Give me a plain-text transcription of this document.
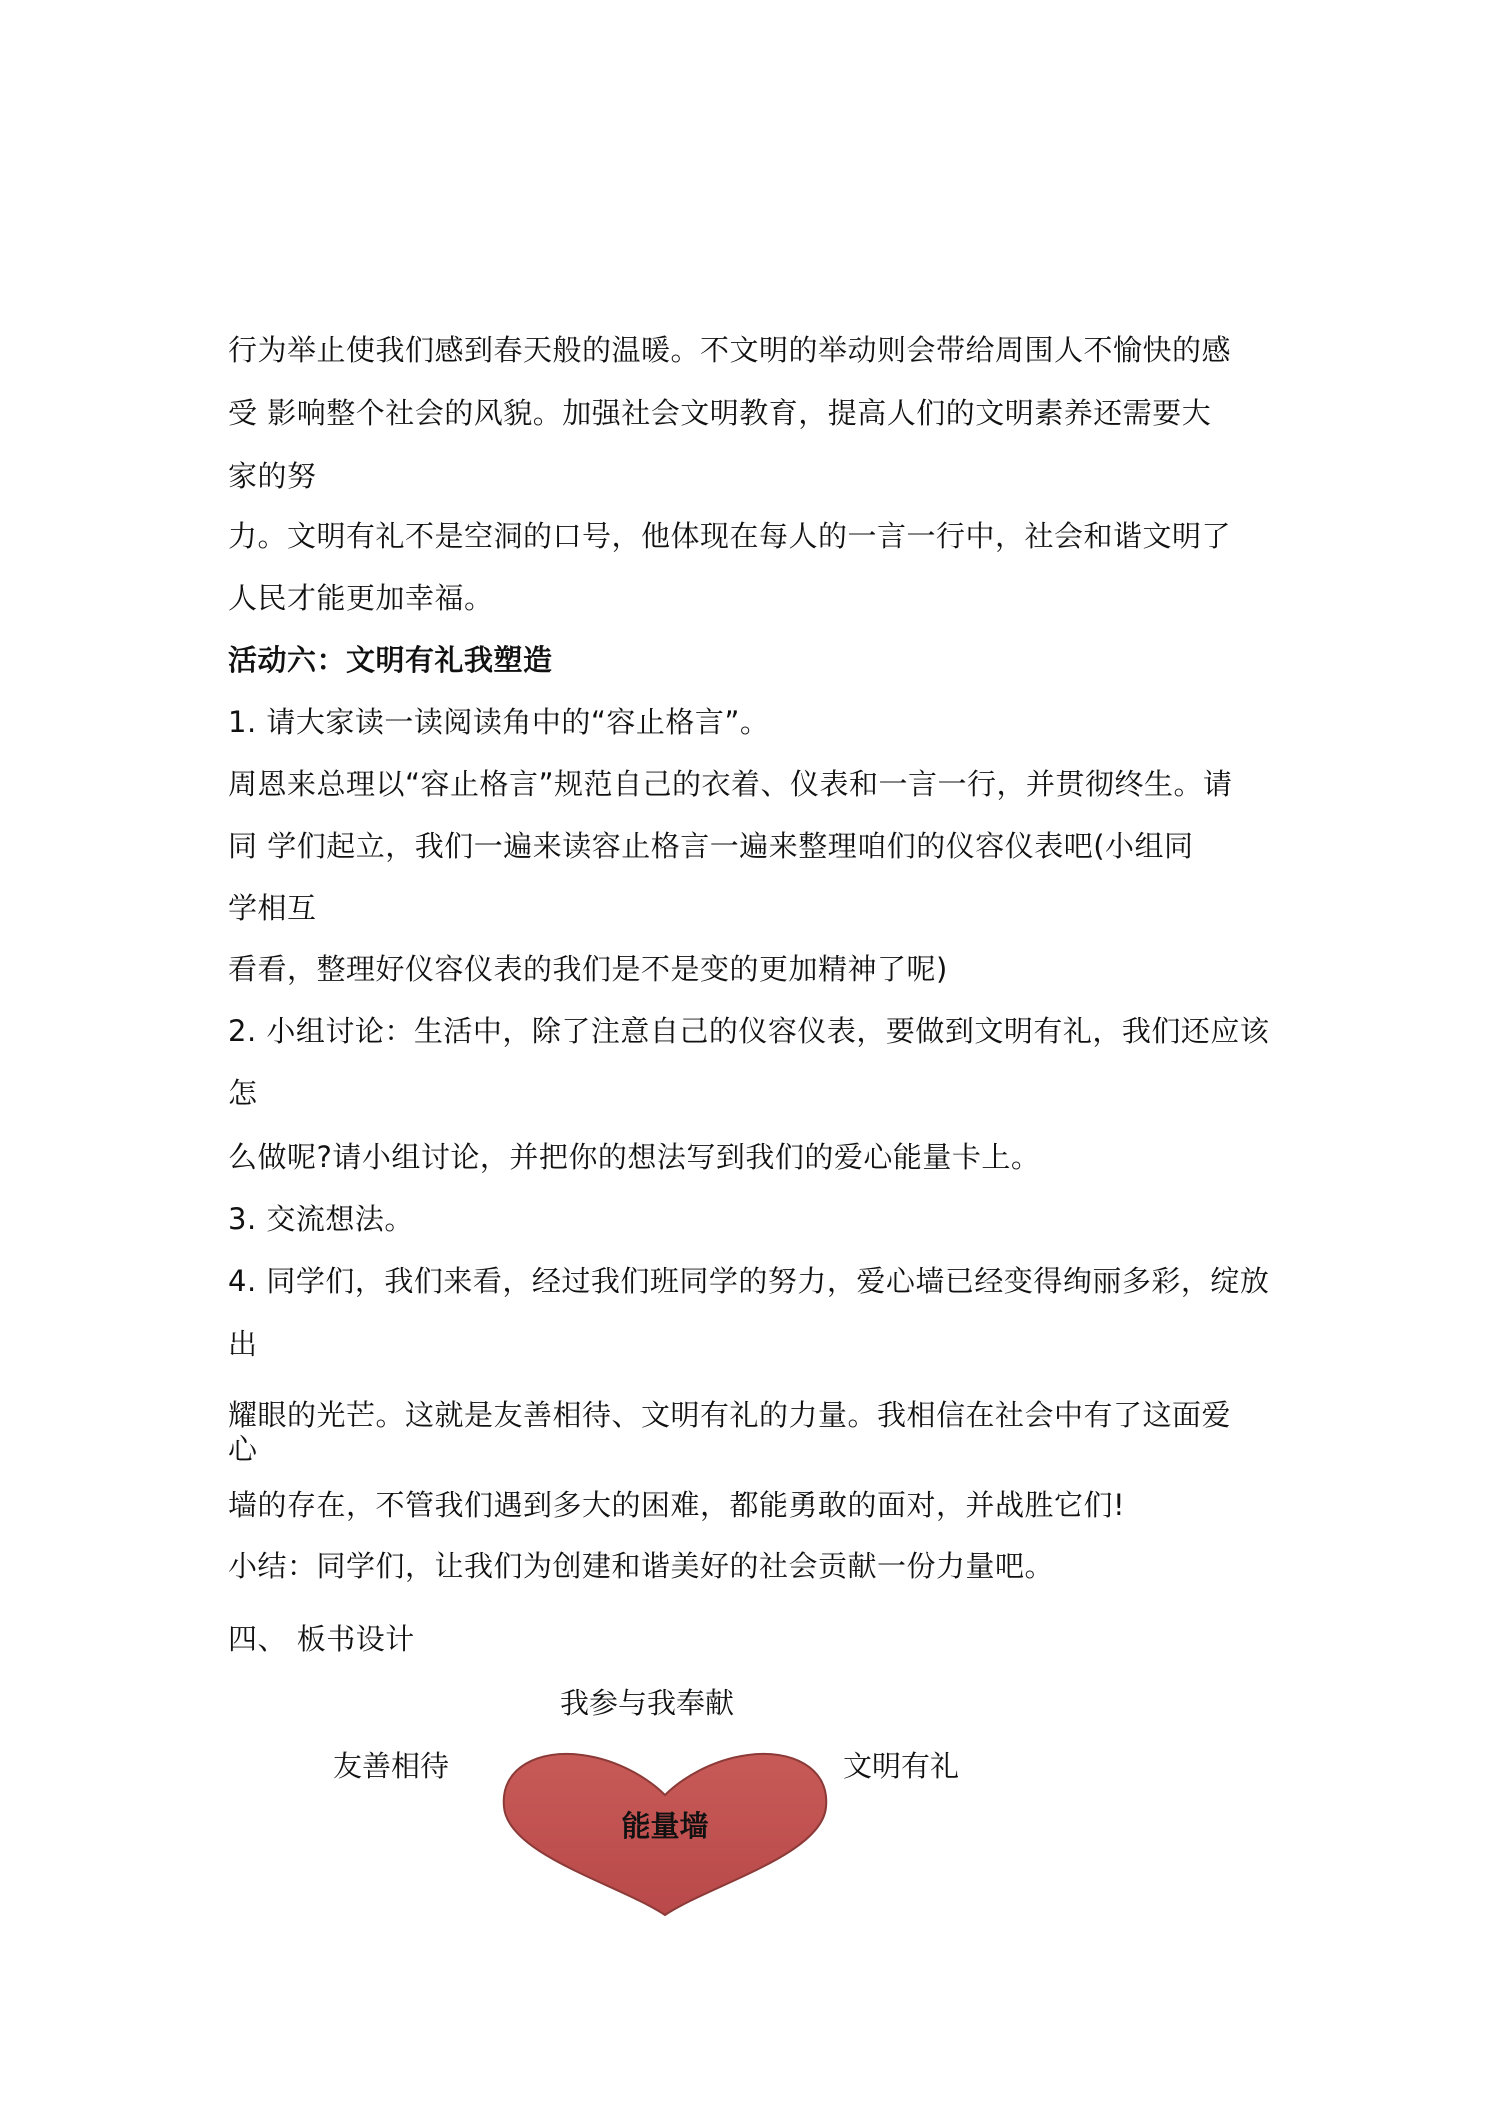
行为举止使我们感到春天般的温暖。不文明的举动则会带给周围人不愉快的感
受 影响整个社会的风貌。加强社会文明教育，提高人们的文明素养还需要大
家的努
力。文明有礼不是空洞的口号，他体现在每人的一言一行中，社会和谐文明了
人民才能更加幸福。
活动六：文明有礼我塑造
1. 请大家读一读阅读角中的“容止格言”。
周恩来总理以“容止格言”规范自己的衣着、仪表和一言一行，并贯彻终生。请
同 学们起立，我们一遍来读容止格言一遍来整理咱们的仪容仪表吧(小组同
学相互
看看，整理好仪容仪表的我们是不是变的更加精神了呢)
2. 小组讨论：生活中，除了注意自己的仪容仪表，要做到文明有礼，我们还应该
怎
么做呢?请小组讨论，并把你的想法写到我们的爱心能量卡上。
3. 交流想法。
4. 同学们，我们来看，经过我们班同学的努力，爱心墙已经变得绚丽多彩，绽放
出
耀眼的光芒。这就是友善相待、文明有礼的力量。我相信在社会中有了这面爱
心
墙的存在，不管我们遇到多大的困难，都能勇敢的面对，并战胜它们!
小结：同学们，让我们为创建和谐美好的社会贡献一份力量吧。
四、 板书设计
我参与我奉献
友善相待	文明有礼
能量墙
